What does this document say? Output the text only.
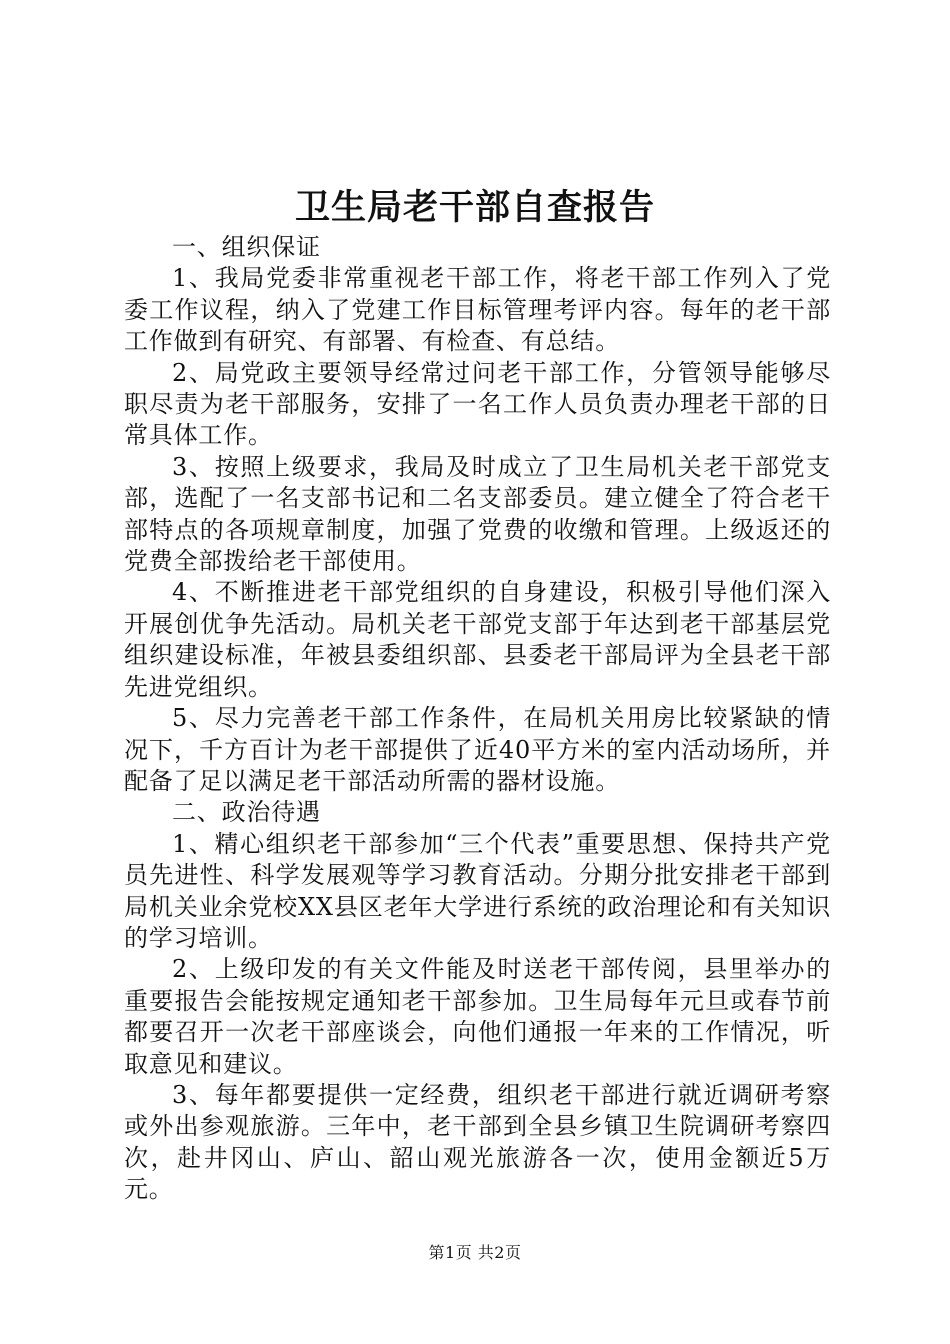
卫生局老干部自查报告

一、组织保证

1、我局党委非常重视老干部工作，将老干部工作列入了党委工作议程，纳入了党建工作目标管理考评内容。每年的老干部工作做到有研究、有部署、有检查、有总结。

2、局党政主要领导经常过问老干部工作，分管领导能够尽职尽责为老干部服务，安排了一名工作人员负责办理老干部的日常具体工作。

3、按照上级要求，我局及时成立了卫生局机关老干部党支部，选配了一名支部书记和二名支部委员。建立健全了符合老干部特点的各项规章制度，加强了党费的收缴和管理。上级返还的党费全部拨给老干部使用。

4、不断推进老干部党组织的自身建设，积极引导他们深入开展创优争先活动。局机关老干部党支部于年达到老干部基层党组织建设标准，年被县委组织部、县委老干部局评为全县老干部先进党组织。

5、尽力完善老干部工作条件，在局机关用房比较紧缺的情况下，千方百计为老干部提供了近40平方米的室内活动场所，并配备了足以满足老干部活动所需的器材设施。

二、政治待遇

1、精心组织老干部参加“三个代表”重要思想、保持共产党员先进性、科学发展观等学习教育活动。分期分批安排老干部到局机关业余党校XX县区老年大学进行系统的政治理论和有关知识的学习培训。

2、上级印发的有关文件能及时送老干部传阅，县里举办的重要报告会能按规定通知老干部参加。卫生局每年元旦或春节前都要召开一次老干部座谈会，向他们通报一年来的工作情况，听取意见和建议。

3、每年都要提供一定经费，组织老干部进行就近调研考察或外出参观旅游。三年中，老干部到全县乡镇卫生院调研考察四次，赴井冈山、庐山、韶山观光旅游各一次，使用金额近5万元。

第1页 共2页
